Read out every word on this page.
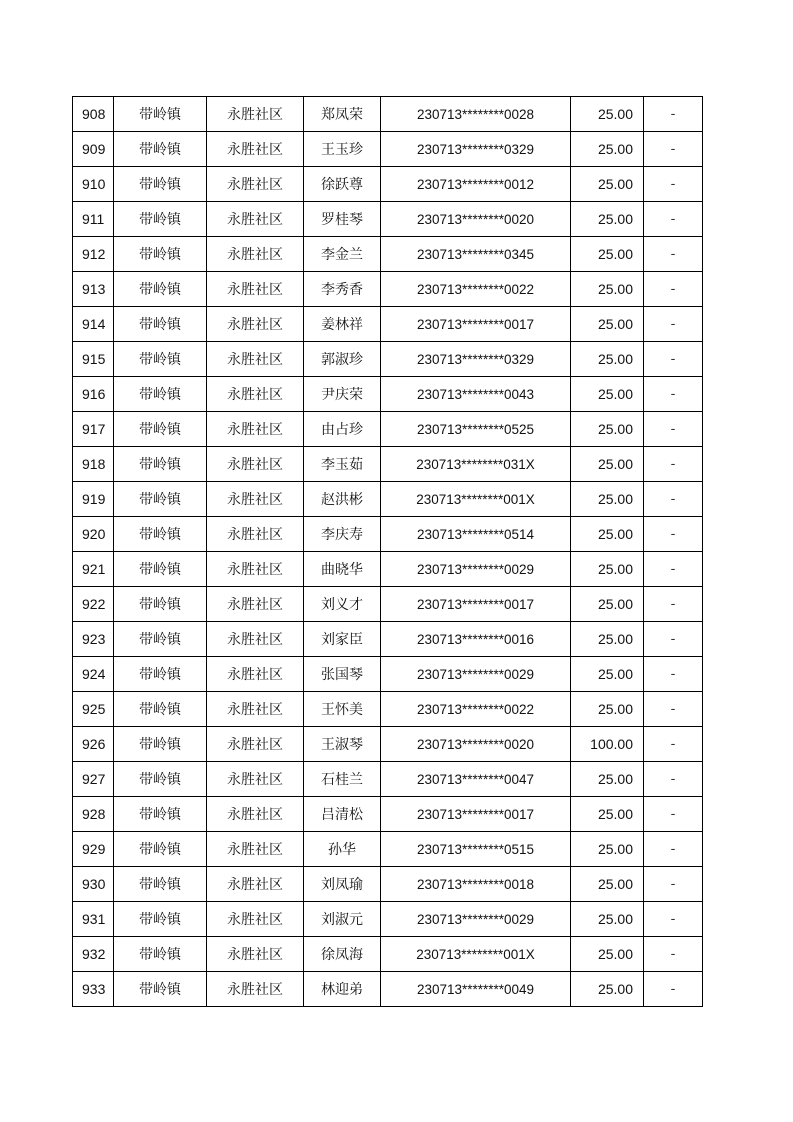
908	带岭镇	永胜社区	郑凤荣	230713********0028	25.00	-
909	带岭镇	永胜社区	王玉珍	230713********0329	25.00	-
910	带岭镇	永胜社区	徐跃尊	230713********0012	25.00	-
911	带岭镇	永胜社区	罗桂琴	230713********0020	25.00	-
912	带岭镇	永胜社区	李金兰	230713********0345	25.00	-
913	带岭镇	永胜社区	李秀香	230713********0022	25.00	-
914	带岭镇	永胜社区	姜林祥	230713********0017	25.00	-
915	带岭镇	永胜社区	郭淑珍	230713********0329	25.00	-
916	带岭镇	永胜社区	尹庆荣	230713********0043	25.00	-
917	带岭镇	永胜社区	由占珍	230713********0525	25.00	-
918	带岭镇	永胜社区	李玉茹	230713********031X	25.00	-
919	带岭镇	永胜社区	赵洪彬	230713********001X	25.00	-
920	带岭镇	永胜社区	李庆寿	230713********0514	25.00	-
921	带岭镇	永胜社区	曲晓华	230713********0029	25.00	-
922	带岭镇	永胜社区	刘义才	230713********0017	25.00	-
923	带岭镇	永胜社区	刘家臣	230713********0016	25.00	-
924	带岭镇	永胜社区	张国琴	230713********0029	25.00	-
925	带岭镇	永胜社区	王怀美	230713********0022	25.00	-
926	带岭镇	永胜社区	王淑琴	230713********0020	100.00	-
927	带岭镇	永胜社区	石桂兰	230713********0047	25.00	-
928	带岭镇	永胜社区	吕清松	230713********0017	25.00	-
929	带岭镇	永胜社区	孙华	230713********0515	25.00	-
930	带岭镇	永胜社区	刘凤瑜	230713********0018	25.00	-
931	带岭镇	永胜社区	刘淑元	230713********0029	25.00	-
932	带岭镇	永胜社区	徐凤海	230713********001X	25.00	-
933	带岭镇	永胜社区	林迎弟	230713********0049	25.00	-
